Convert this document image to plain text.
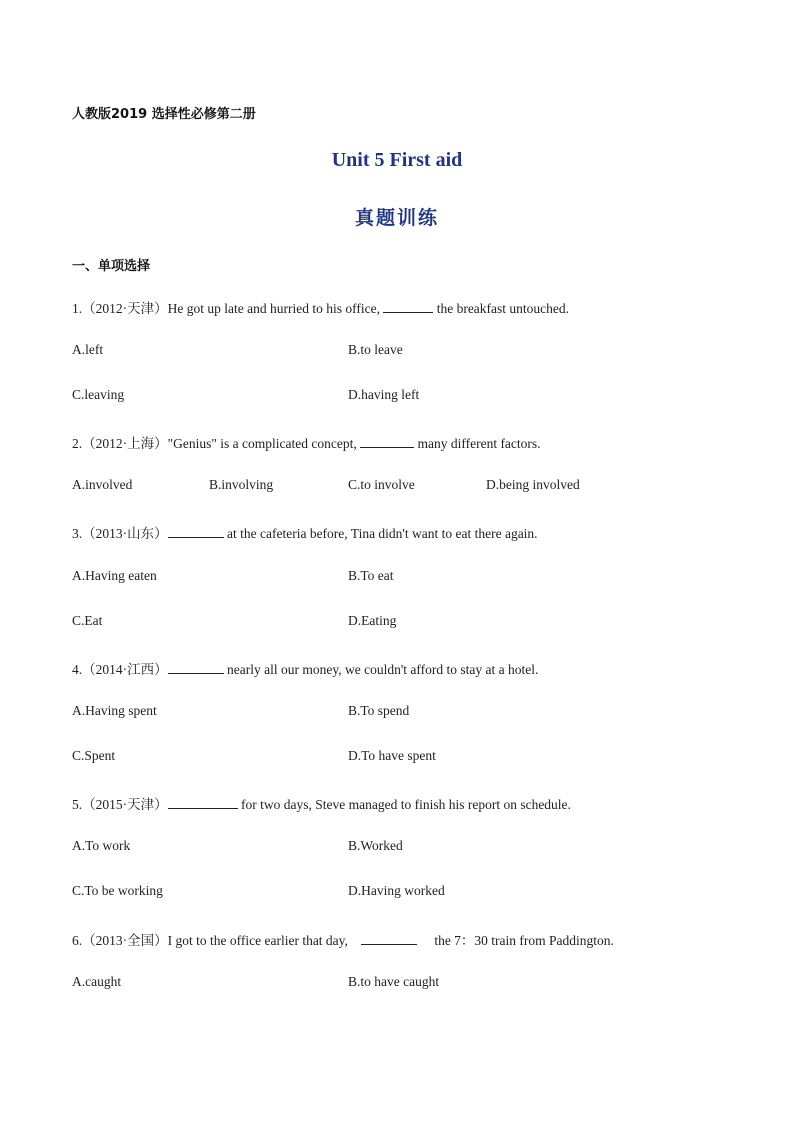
人教版2019 选择性必修第二册
Unit 5 First aid
真题训练
一、单项选择
1.（2012·天津）He got up late and hurried to his office,	the breakfast untouched.
A.left	B.to leave
C.leaving	D.having left
2.（2012·上海）"Genius" is a complicated concept,	many different factors.
A.involved	B.involving	C.to involve	D.being involved
3.（2013·山东）	at the cafeteria before, Tina didn't want to eat there again.
A.Having eaten	B.To eat
C.Eat	D.Eating
4.（2014·江西）	nearly all our money, we couldn't afford to stay at a hotel.
A.Having spent	B.To spend
C.Spent	D.To have spent
5.（2015·天津）	for two days, Steve managed to finish his report on schedule.
A.To work	B.Worked
C.To be working	D.Having worked
6.（2013·全国）I got to the office earlier that day,	the 7：30 train from Paddington.
A.caught	B.to have caught
